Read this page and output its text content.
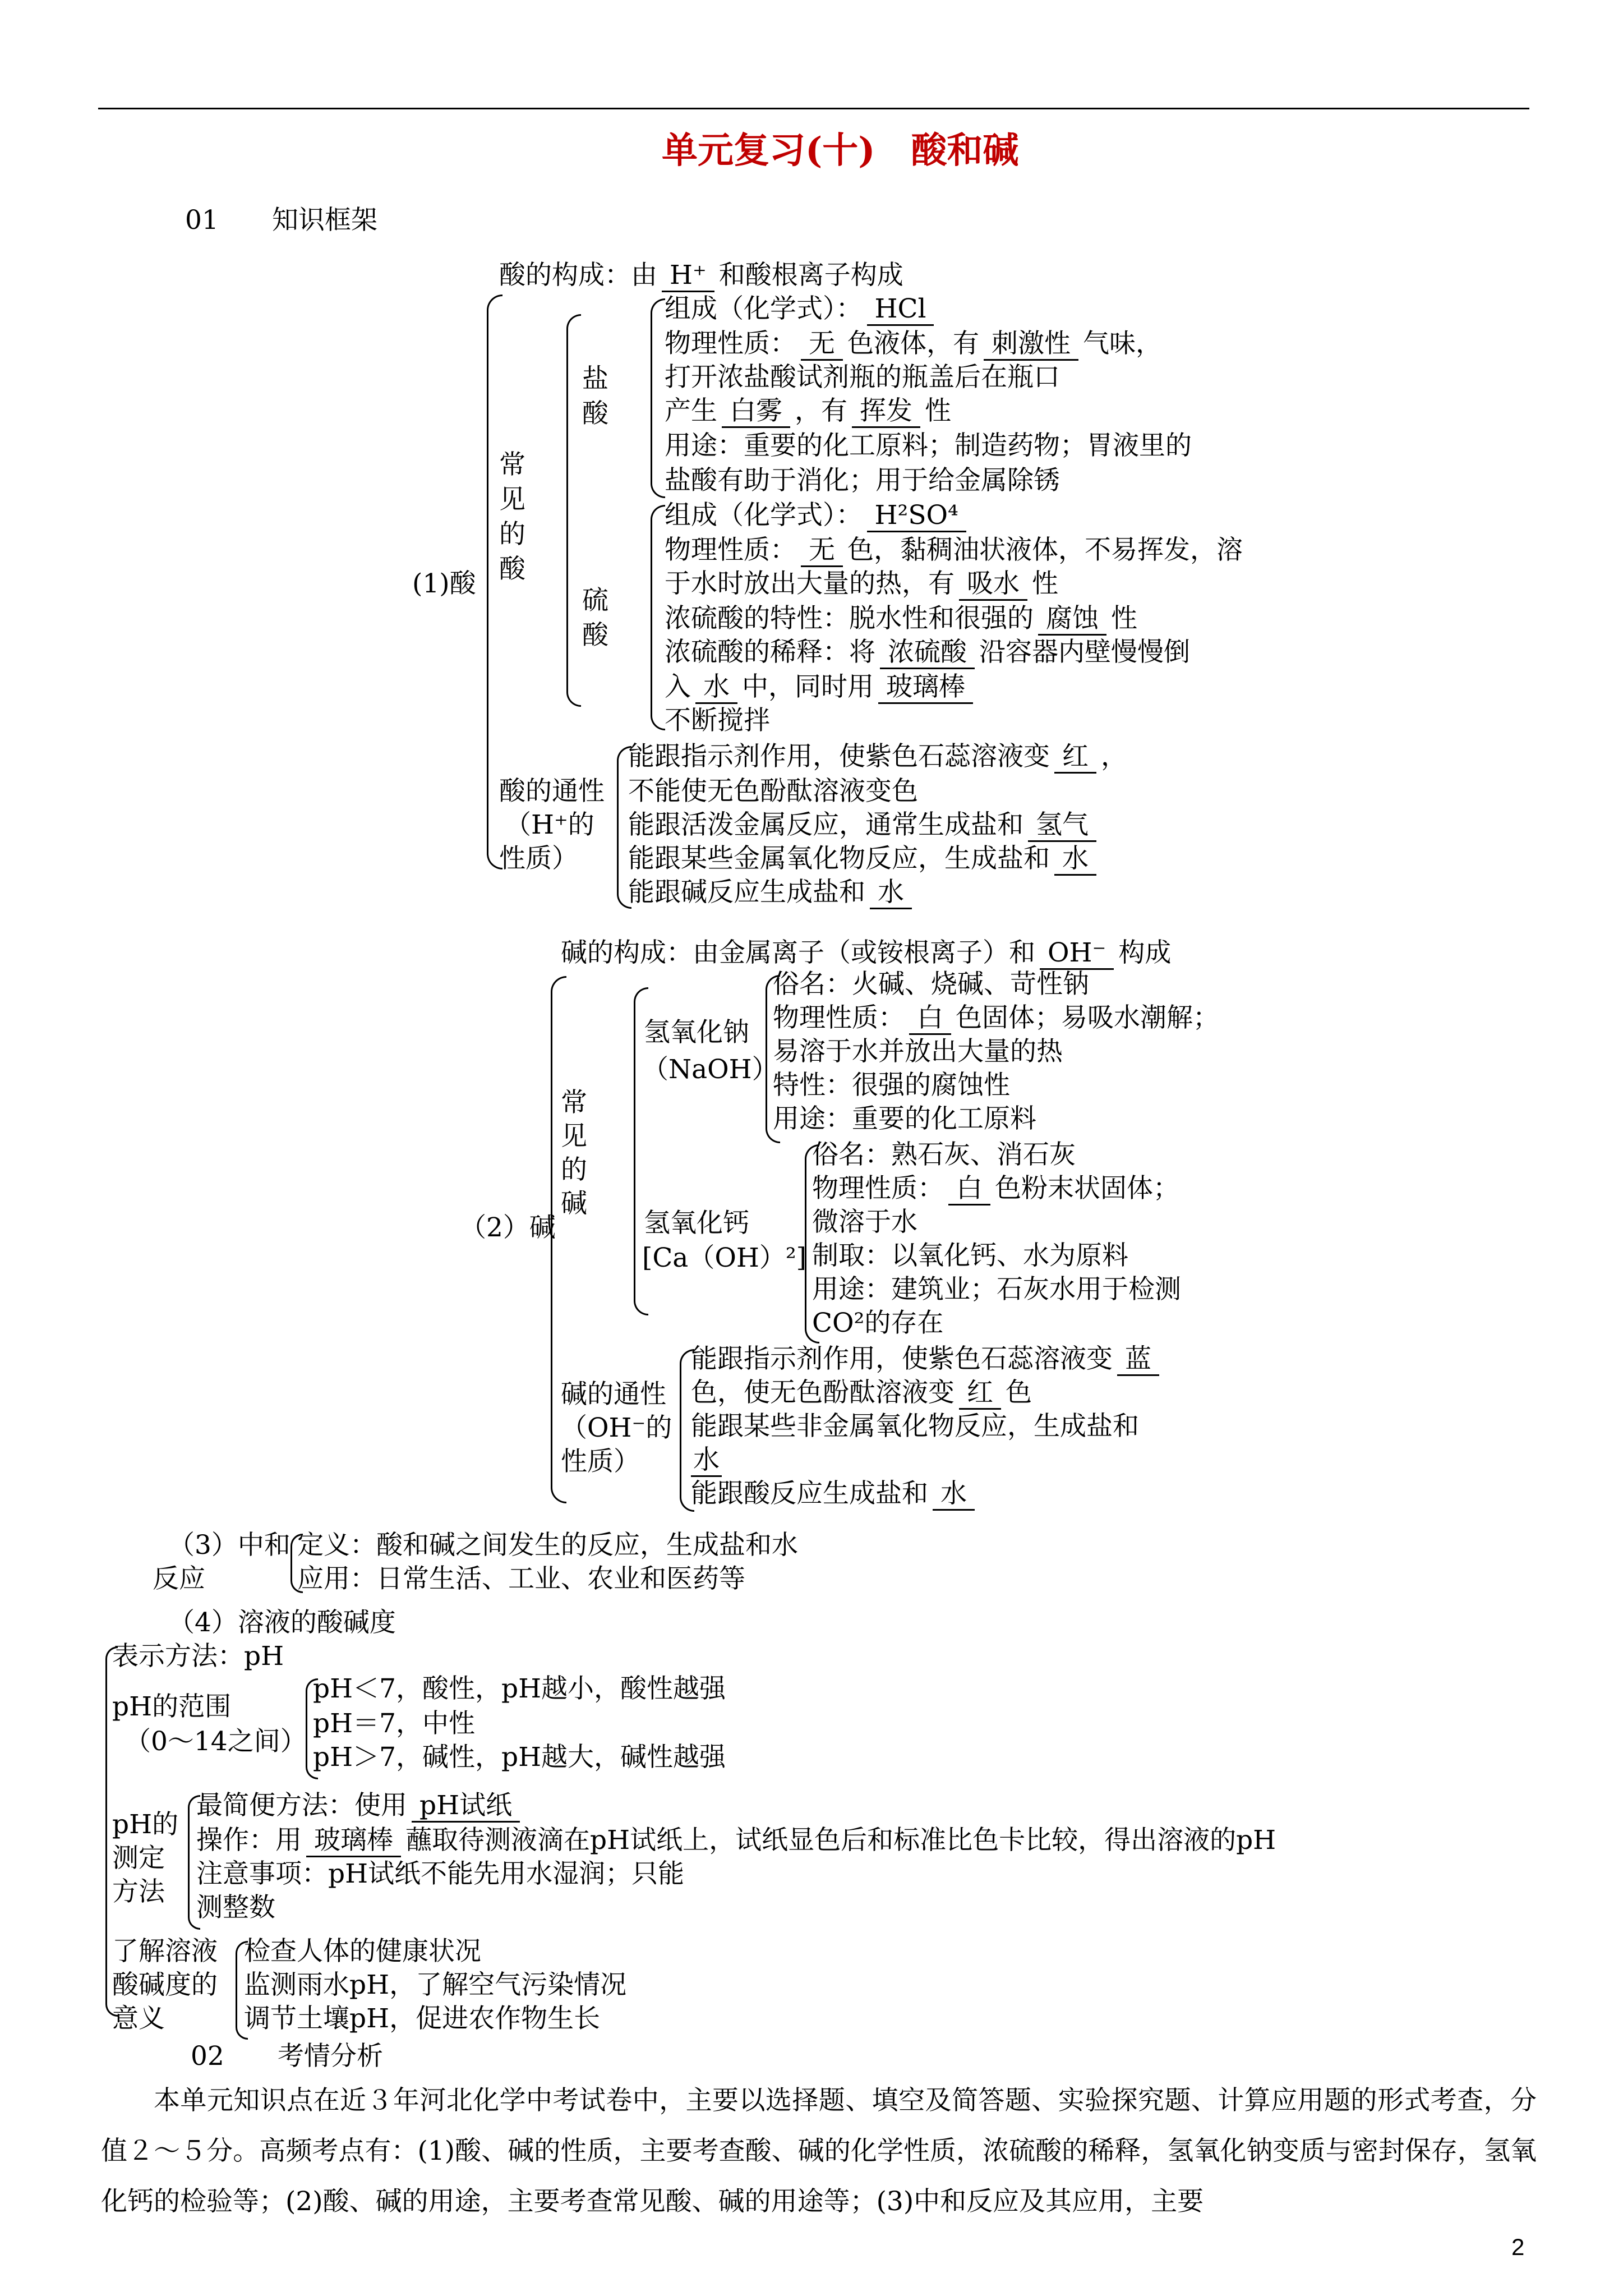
单元复习(十)　酸和碱
01 知识框架
(1)酸
酸的构成：由 H⁺ 和酸根离子构成
常
见
的
酸
盐
酸
组成（化学式）： HCl
物理性质： 无 色液体，有 刺激性 气味，
打开浓盐酸试剂瓶的瓶盖后在瓶口
产生 白雾 ，有 挥发 性
用途：重要的化工原料；制造药物；胃液里的
盐酸有助于消化；用于给金属除锈
硫
酸
组成（化学式）： H²SO⁴
物理性质： 无 色，黏稠油状液体，不易挥发，溶
于水时放出大量的热，有 吸水 性
浓硫酸的特性：脱水性和很强的 腐蚀 性
浓硫酸的稀释：将 浓硫酸 沿容器内壁慢慢倒
入 水 中，同时用 玻璃棒
不断搅拌
酸的通性
（H⁺的
性质）
能跟指示剂作用，使紫色石蕊溶液变 红 ，
不能使无色酚酞溶液变色
能跟活泼金属反应，通常生成盐和 氢气
能跟某些金属氧化物反应，生成盐和 水
能跟碱反应生成盐和 水
（2）碱
碱的构成：由金属离子（或铵根离子）和 OH⁻ 构成
常
见
的
碱
氢氧化钠
（NaOH）
俗名：火碱、烧碱、苛性钠
物理性质： 白 色固体；易吸水潮解；
易溶于水并放出大量的热
特性：很强的腐蚀性
用途：重要的化工原料
氢氧化钙
[Ca（OH）²]
俗名：熟石灰、消石灰
物理性质： 白 色粉末状固体；
微溶于水
制取：以氧化钙、水为原料
用途：建筑业；石灰水用于检测
CO²的存在
碱的通性
（OH⁻的
性质）
能跟指示剂作用，使紫色石蕊溶液变 蓝
色，使无色酚酞溶液变 红 色
能跟某些非金属氧化物反应，生成盐和
水
能跟酸反应生成盐和 水
（3）中和
反应
定义：酸和碱之间发生的反应，生成盐和水
应用：日常生活、工业、农业和医药等
（4）溶液的酸碱度
表示方法：pH
pH的范围
（0～14之间）
pH＜7，酸性，pH越小，酸性越强
pH＝7，中性
pH＞7，碱性，pH越大，碱性越强
pH的
测定
方法
最简便方法：使用 pH试纸
操作：用 玻璃棒 蘸取待测液滴在pH试纸上，试纸显色后和标准比色卡比较，得出溶液的pH
注意事项：pH试纸不能先用水湿润；只能
测整数
了解溶液
酸碱度的
意义
检查人体的健康状况
监测雨水pH，了解空气污染情况
调节土壤pH，促进农作物生长
02 考情分析
本单元知识点在近３年河北化学中考试卷中，主要以选择题、填空及简答题、实验探究题、计算应用题的形式考查，分值２～５分。高频考点有：(1)酸、碱的性质，主要考查酸、碱的化学性质，浓硫酸的稀释，氢氧化钠变质与密封保存，氢氧化钙的检验等；(2)酸、碱的用途，主要考查常见酸、碱的用途等；(3)中和反应及其应用，主要
2
